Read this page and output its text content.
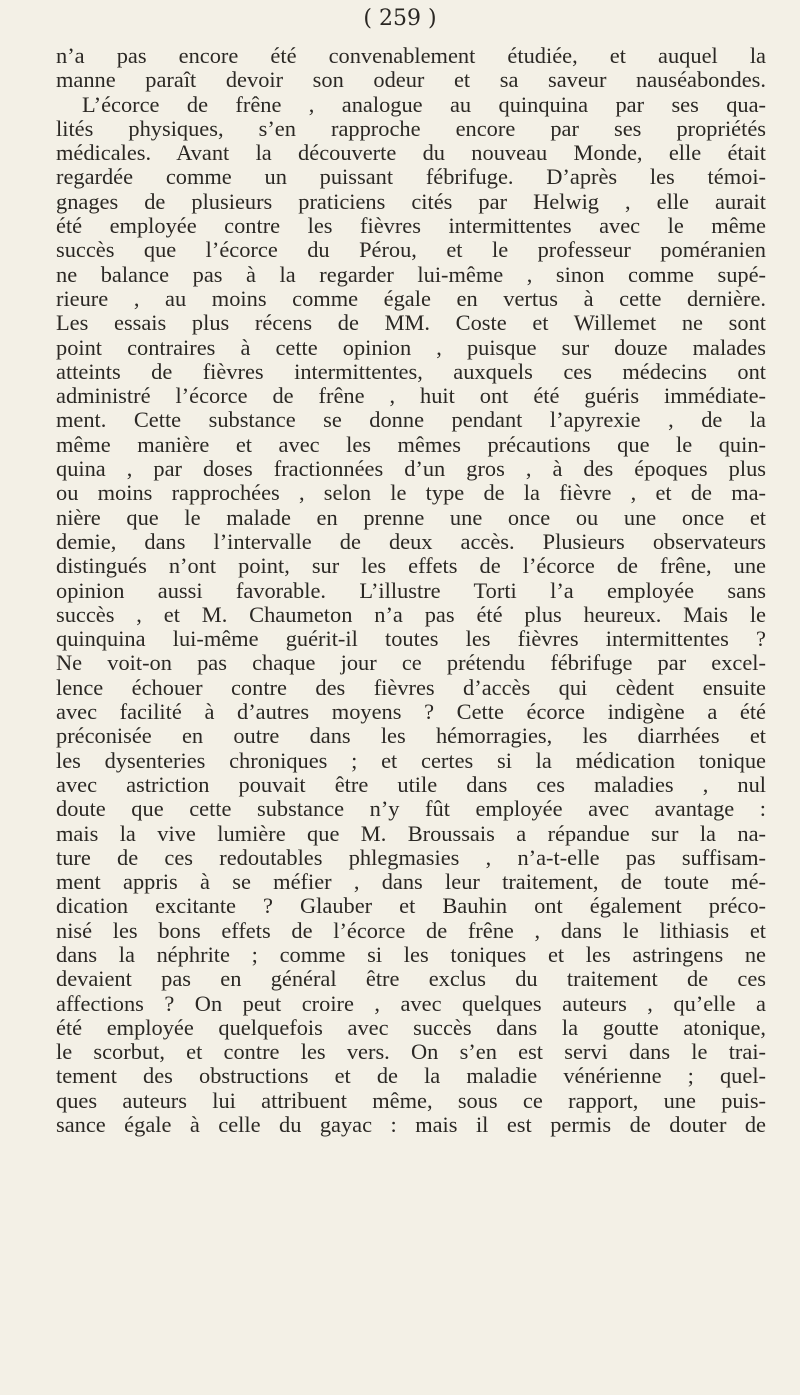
( 259 )
n’a pas encore été convenablement étudiée, et auquel la
manne paraît devoir son odeur et sa saveur nauséabondes.
L’écorce de frêne , analogue au quinquina par ses qua-
lités physiques, s’en rapproche encore par ses propriétés
médicales. Avant la découverte du nouveau Monde, elle était
regardée comme un puissant fébrifuge. D’après les témoi-
gnages de plusieurs praticiens cités par Helwig , elle aurait
été employée contre les fièvres intermittentes avec le même
succès que l’écorce du Pérou, et le professeur poméranien
ne balance pas à la regarder lui-même , sinon comme supé-
rieure , au moins comme égale en vertus à cette dernière.
Les essais plus récens de MM. Coste et Willemet ne sont
point contraires à cette opinion , puisque sur douze malades
atteints de fièvres intermittentes, auxquels ces médecins ont
administré l’écorce de frêne , huit ont été guéris immédiate-
ment. Cette substance se donne pendant l’apyrexie , de la
même manière et avec les mêmes précautions que le quin-
quina , par doses fractionnées d’un gros , à des époques plus
ou moins rapprochées , selon le type de la fièvre , et de ma-
nière que le malade en prenne une once ou une once et
demie, dans l’intervalle de deux accès. Plusieurs observateurs
distingués n’ont point, sur les effets de l’écorce de frêne, une
opinion aussi favorable. L’illustre Torti l’a employée sans
succès , et M. Chaumeton n’a pas été plus heureux. Mais le
quinquina lui-même guérit-il toutes les fièvres intermittentes ?
Ne voit-on pas chaque jour ce prétendu fébrifuge par excel-
lence échouer contre des fièvres d’accès qui cèdent ensuite
avec facilité à d’autres moyens ? Cette écorce indigène a été
préconisée en outre dans les hémorragies, les diarrhées et
les dysenteries chroniques ; et certes si la médication tonique
avec astriction pouvait être utile dans ces maladies , nul
doute que cette substance n’y fût employée avec avantage :
mais la vive lumière que M. Broussais a répandue sur la na-
ture de ces redoutables phlegmasies , n’a-t-elle pas suffisam-
ment appris à se méfier , dans leur traitement, de toute mé-
dication excitante ? Glauber et Bauhin ont également préco-
nisé les bons effets de l’écorce de frêne , dans le lithiasis et
dans la néphrite ; comme si les toniques et les astringens ne
devaient pas en général être exclus du traitement de ces
affections ? On peut croire , avec quelques auteurs , qu’elle a
été employée quelquefois avec succès dans la goutte atonique,
le scorbut, et contre les vers. On s’en est servi dans le trai-
tement des obstructions et de la maladie vénérienne ; quel-
ques auteurs lui attribuent même, sous ce rapport, une puis-
sance égale à celle du gayac : mais il est permis de douter de
